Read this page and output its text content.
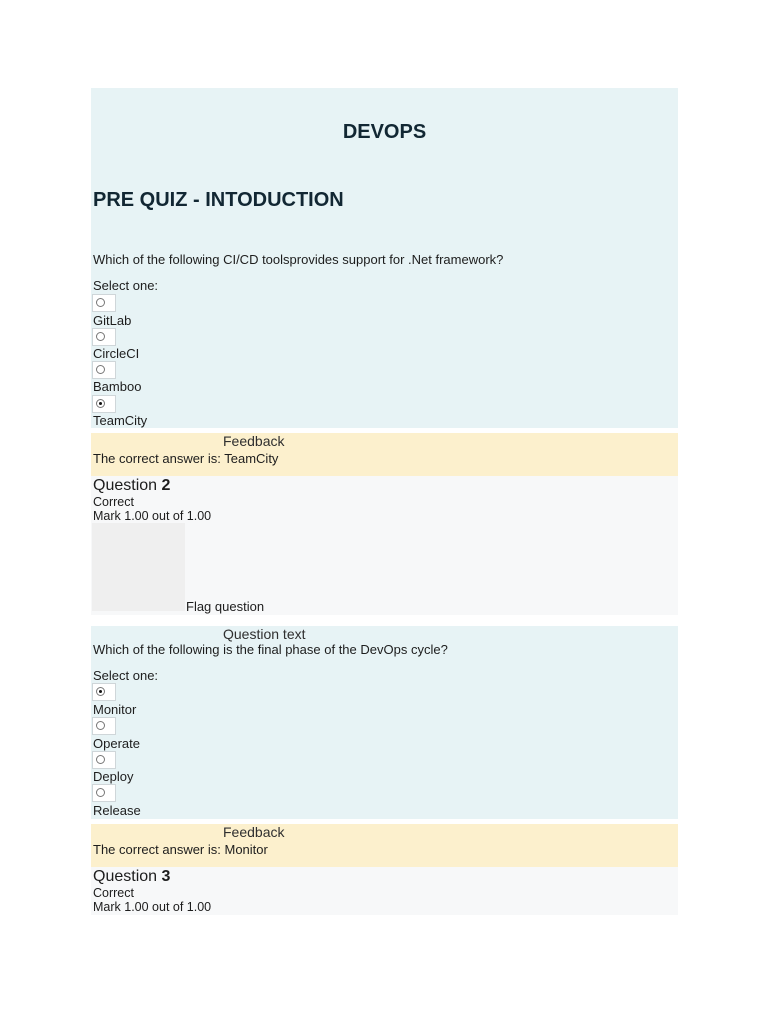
DEVOPS
PRE QUIZ - INTODUCTION
Which of the following CI/CD toolsprovides support for .Net framework?
Select one:
GitLab
CircleCI
Bamboo
TeamCity
Feedback
The correct answer is: TeamCity
Question 2
Correct
Mark 1.00 out of 1.00
Flag question
Question text
Which of the following is the final phase of the DevOps cycle?
Select one:
Monitor
Operate
Deploy
Release
Feedback
The correct answer is: Monitor
Question 3
Correct
Mark 1.00 out of 1.00
